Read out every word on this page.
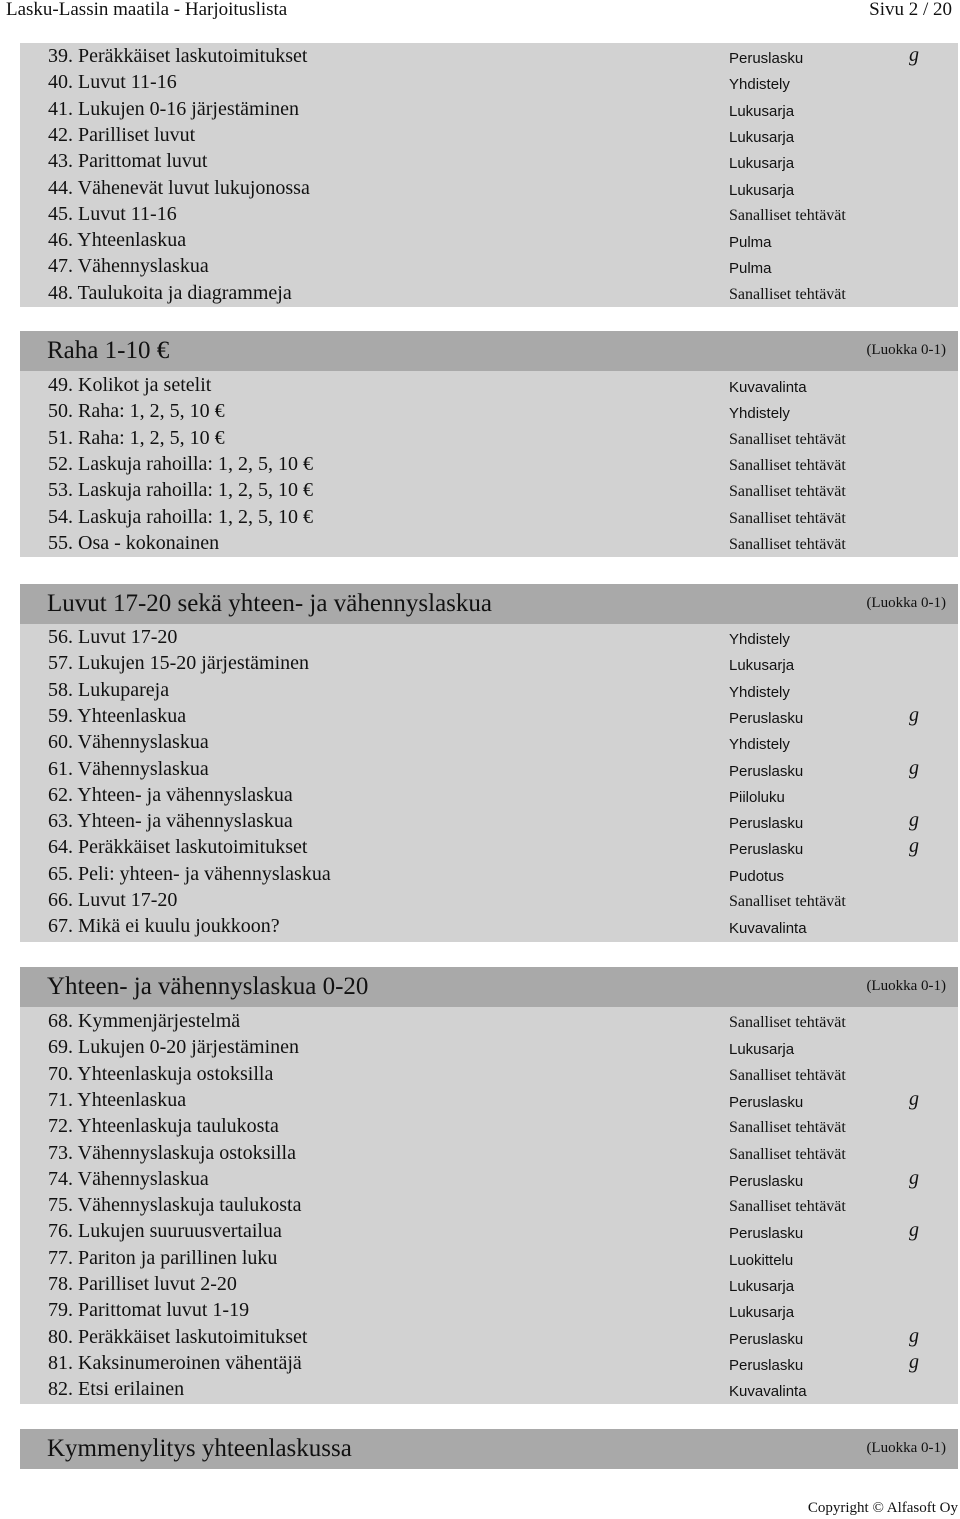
Lasku-Lassin maatila - Harjoituslista	Sivu 2 / 20
39. Peräkkäiset laskutoimitukset	Peruslasku	g
40. Luvut 11-16	Yhdistely
41. Lukujen 0-16 järjestäminen	Lukusarja
42. Parilliset luvut	Lukusarja
43. Parittomat luvut	Lukusarja
44. Vähenevät luvut lukujonossa	Lukusarja
45. Luvut 11-16	Sanalliset tehtävät
46. Yhteenlaskua	Pulma
47. Vähennyslaskua	Pulma
48. Taulukoita ja diagrammeja	Sanalliset tehtävät
Raha 1-10 €	(Luokka 0-1)
49. Kolikot ja setelit	Kuvavalinta
50. Raha: 1, 2, 5, 10 €	Yhdistely
51. Raha: 1, 2, 5, 10 €	Sanalliset tehtävät
52. Laskuja rahoilla: 1, 2, 5, 10 €	Sanalliset tehtävät
53. Laskuja rahoilla: 1, 2, 5, 10 €	Sanalliset tehtävät
54. Laskuja rahoilla: 1, 2, 5, 10 €	Sanalliset tehtävät
55. Osa - kokonainen	Sanalliset tehtävät
Luvut 17-20 sekä yhteen- ja vähennyslaskua	(Luokka 0-1)
56. Luvut 17-20	Yhdistely
57. Lukujen 15-20 järjestäminen	Lukusarja
58. Lukupareja	Yhdistely
59. Yhteenlaskua	Peruslasku	g
60. Vähennyslaskua	Yhdistely
61. Vähennyslaskua	Peruslasku	g
62. Yhteen- ja vähennyslaskua	Piiloluku
63. Yhteen- ja vähennyslaskua	Peruslasku	g
64. Peräkkäiset laskutoimitukset	Peruslasku	g
65. Peli: yhteen- ja vähennyslaskua	Pudotus
66. Luvut 17-20	Sanalliset tehtävät
67. Mikä ei kuulu joukkoon?	Kuvavalinta
Yhteen- ja vähennyslaskua 0-20	(Luokka 0-1)
68. Kymmenjärjestelmä	Sanalliset tehtävät
69. Lukujen 0-20 järjestäminen	Lukusarja
70. Yhteenlaskuja ostoksilla	Sanalliset tehtävät
71. Yhteenlaskua	Peruslasku	g
72. Yhteenlaskuja taulukosta	Sanalliset tehtävät
73. Vähennyslaskuja ostoksilla	Sanalliset tehtävät
74. Vähennyslaskua	Peruslasku	g
75. Vähennyslaskuja taulukosta	Sanalliset tehtävät
76. Lukujen suuruusvertailua	Peruslasku	g
77. Pariton ja parillinen luku	Luokittelu
78. Parilliset luvut 2-20	Lukusarja
79. Parittomat luvut 1-19	Lukusarja
80. Peräkkäiset laskutoimitukset	Peruslasku	g
81. Kaksinumeroinen vähentäjä	Peruslasku	g
82. Etsi erilainen	Kuvavalinta
Kymmenylitys yhteenlaskussa	(Luokka 0-1)
Copyright © Alfasoft Oy
